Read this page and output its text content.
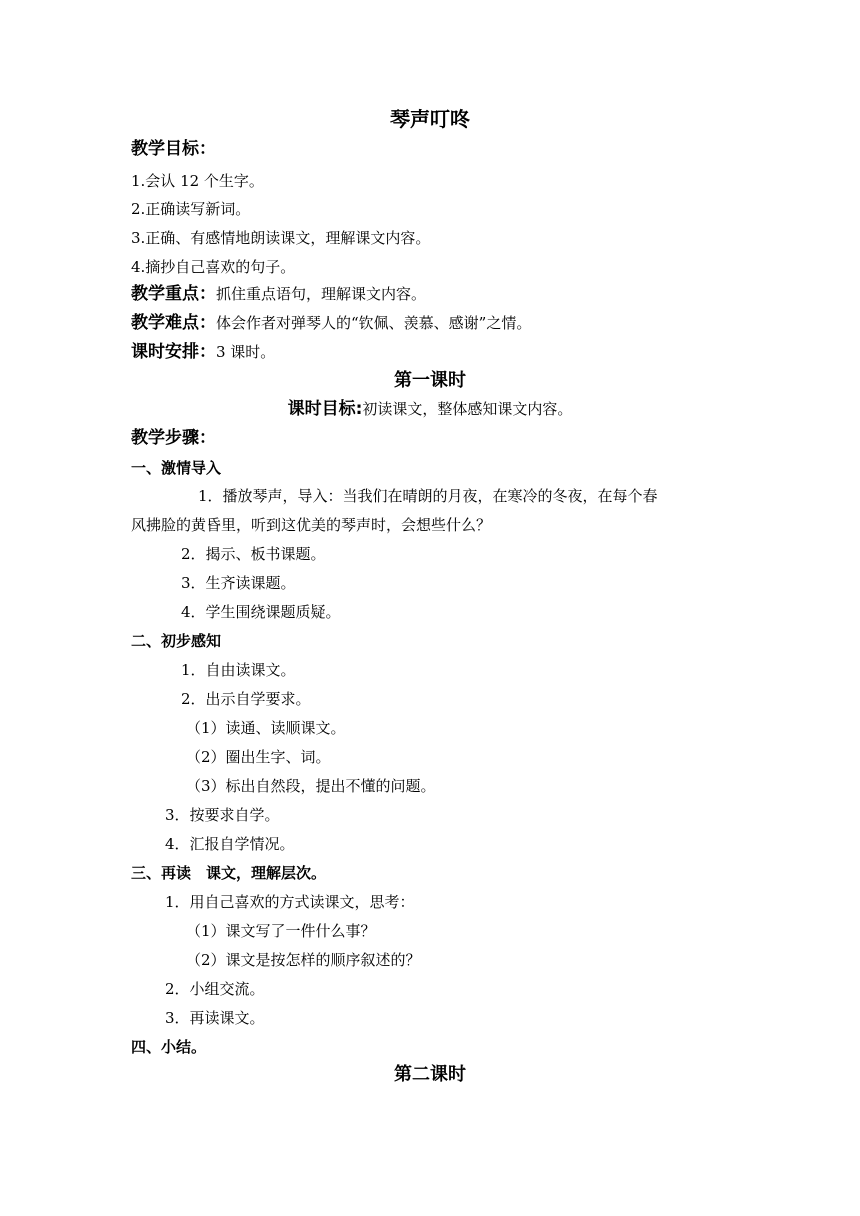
琴声叮咚
教学目标：
1.会认 12 个生字。
2.正确读写新词。
3.正确、有感情地朗读课文，理解课文内容。
4.摘抄自己喜欢的句子。
教学重点：抓住重点语句，理解课文内容。
教学难点：体会作者对弹琴人的“钦佩、羡慕、感谢”之情。
课时安排：3 课时。
第一课时
课时目标:初读课文，整体感知课文内容。
教学步骤：
一、激情导入
1．播放琴声，导入：当我们在晴朗的月夜，在寒冷的冬夜，在每个春
风拂脸的黄昏里，听到这优美的琴声时，会想些什么？
2．揭示、板书课题。
3．生齐读课题。
4．学生围绕课题质疑。
二、初步感知
1．自由读课文。
2．出示自学要求。
（1）读通、读顺课文。
（2）圈出生字、词。
（3）标出自然段，提出不懂的问题。
3．按要求自学。
4．汇报自学情况。
三、再读　课文，理解层次。
1．用自己喜欢的方式读课文，思考：
（1）课文写了一件什么事？
（2）课文是按怎样的顺序叙述的？
2．小组交流。
3．再读课文。
四、小结。
第二课时
